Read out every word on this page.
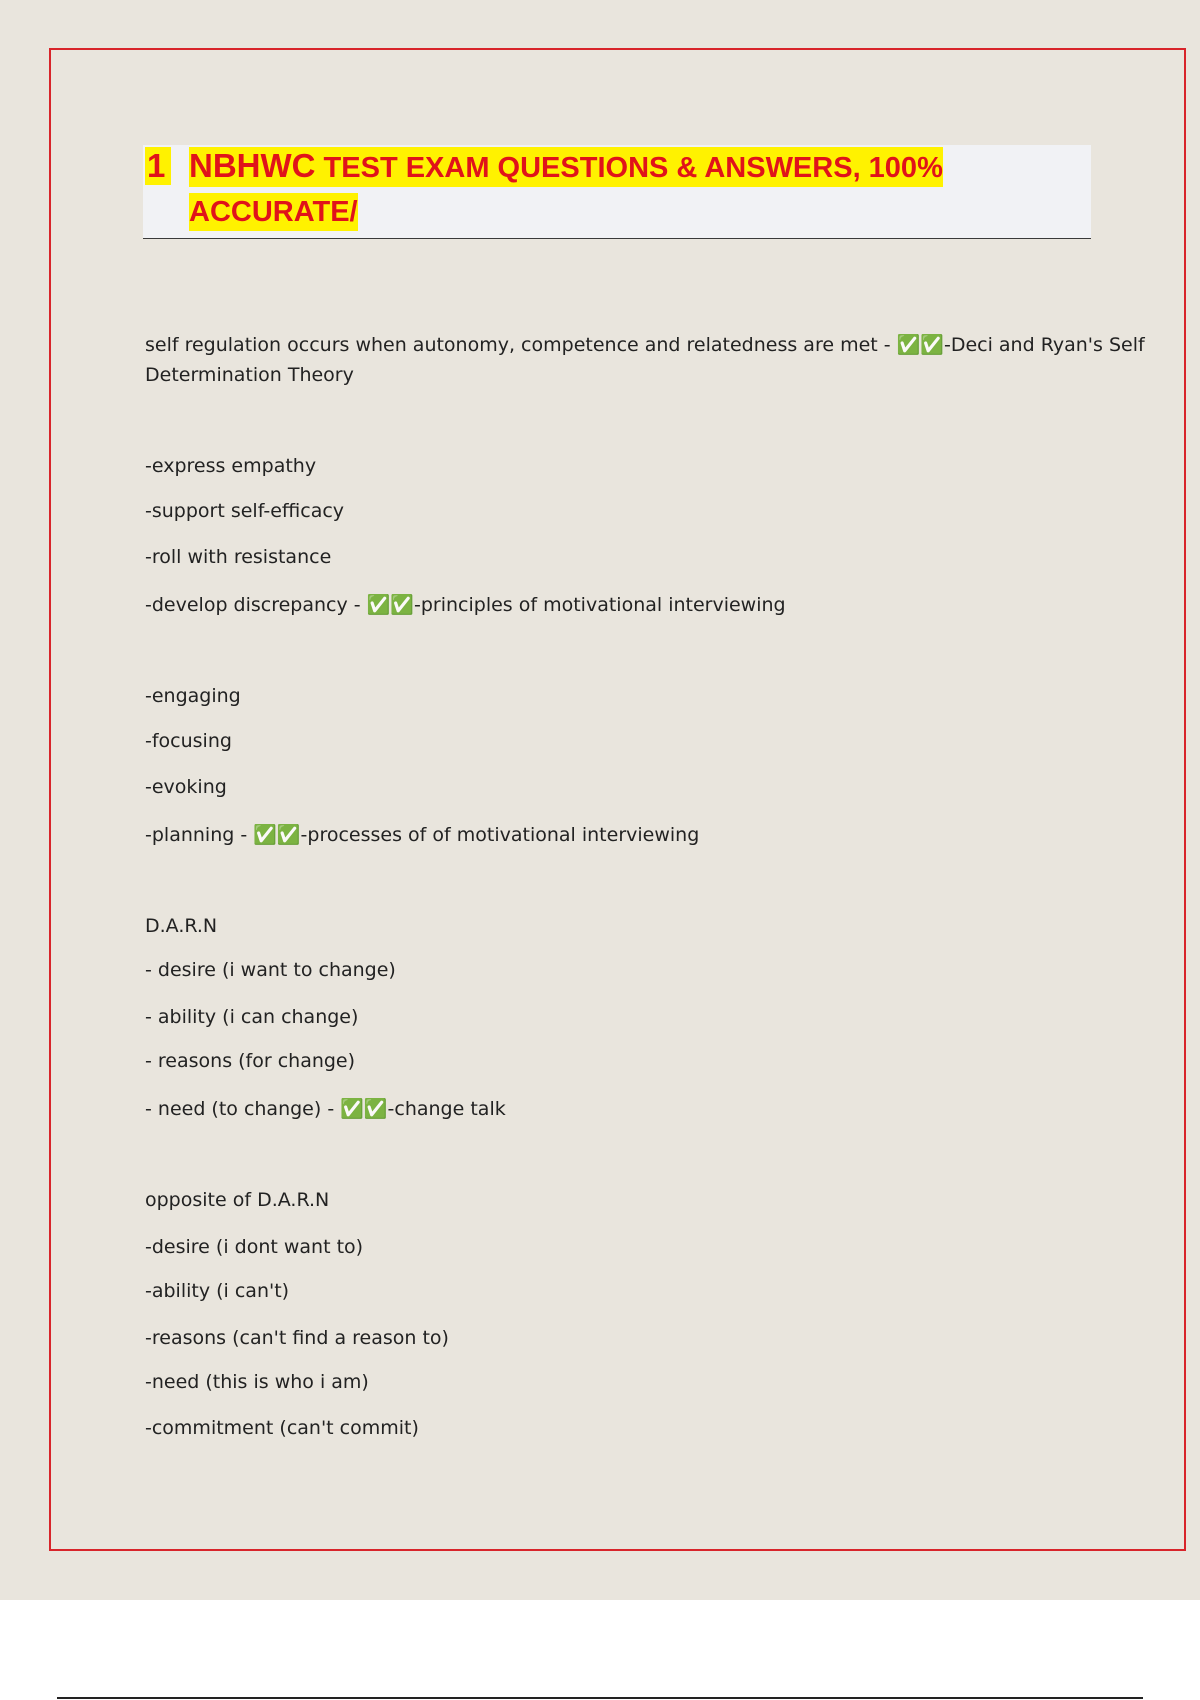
1 NBHWC TEST EXAM QUESTIONS & ANSWERS, 100%
ACCURATE/
self regulation occurs when autonomy, competence and relatedness are met - ✅✅-Deci and Ryan's Self
Determination Theory
-express empathy
-support self-efficacy
-roll with resistance
-develop discrepancy - ✅✅-principles of motivational interviewing
-engaging
-focusing
-evoking
-planning - ✅✅-processes of of motivational interviewing
D.A.R.N
- desire (i want to change)
- ability (i can change)
- reasons (for change)
- need (to change) - ✅✅-change talk
opposite of D.A.R.N
-desire (i dont want to)
-ability (i can't)
-reasons (can't find a reason to)
-need (this is who i am)
-commitment (can't commit)
